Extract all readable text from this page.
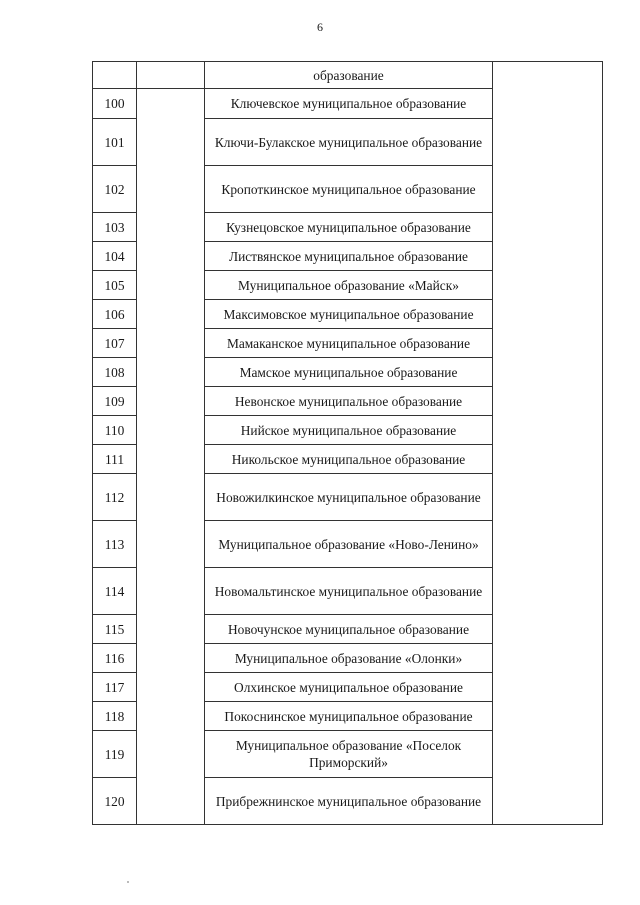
6
		образование	
100		Ключевское муниципальное образование	
101		Ключи-Булакское муниципальное образование	
102		Кропоткинское муниципальное образование	
103		Кузнецовское муниципальное образование	
104		Листвянское муниципальное образование	
105		Муниципальное образование «Майск»	
106		Максимовское муниципальное образование	
107		Мамаканское муниципальное образование	
108		Мамское муниципальное образование	
109		Невонское муниципальное образование	
110		Нийское муниципальное образование	
111		Никольское муниципальное образование	
112		Новожилкинское муниципальное образование	
113		Муниципальное образование «Ново-Ленино»	
114		Новомальтинское муниципальное образование	
115		Новочунское муниципальное образование	
116		Муниципальное образование «Олонки»	
117		Олхинское муниципальное образование	
118		Покоснинское муниципальное образование	
119		Муниципальное образование «Поселок Приморский»	
120		Прибрежнинское муниципальное образование	
